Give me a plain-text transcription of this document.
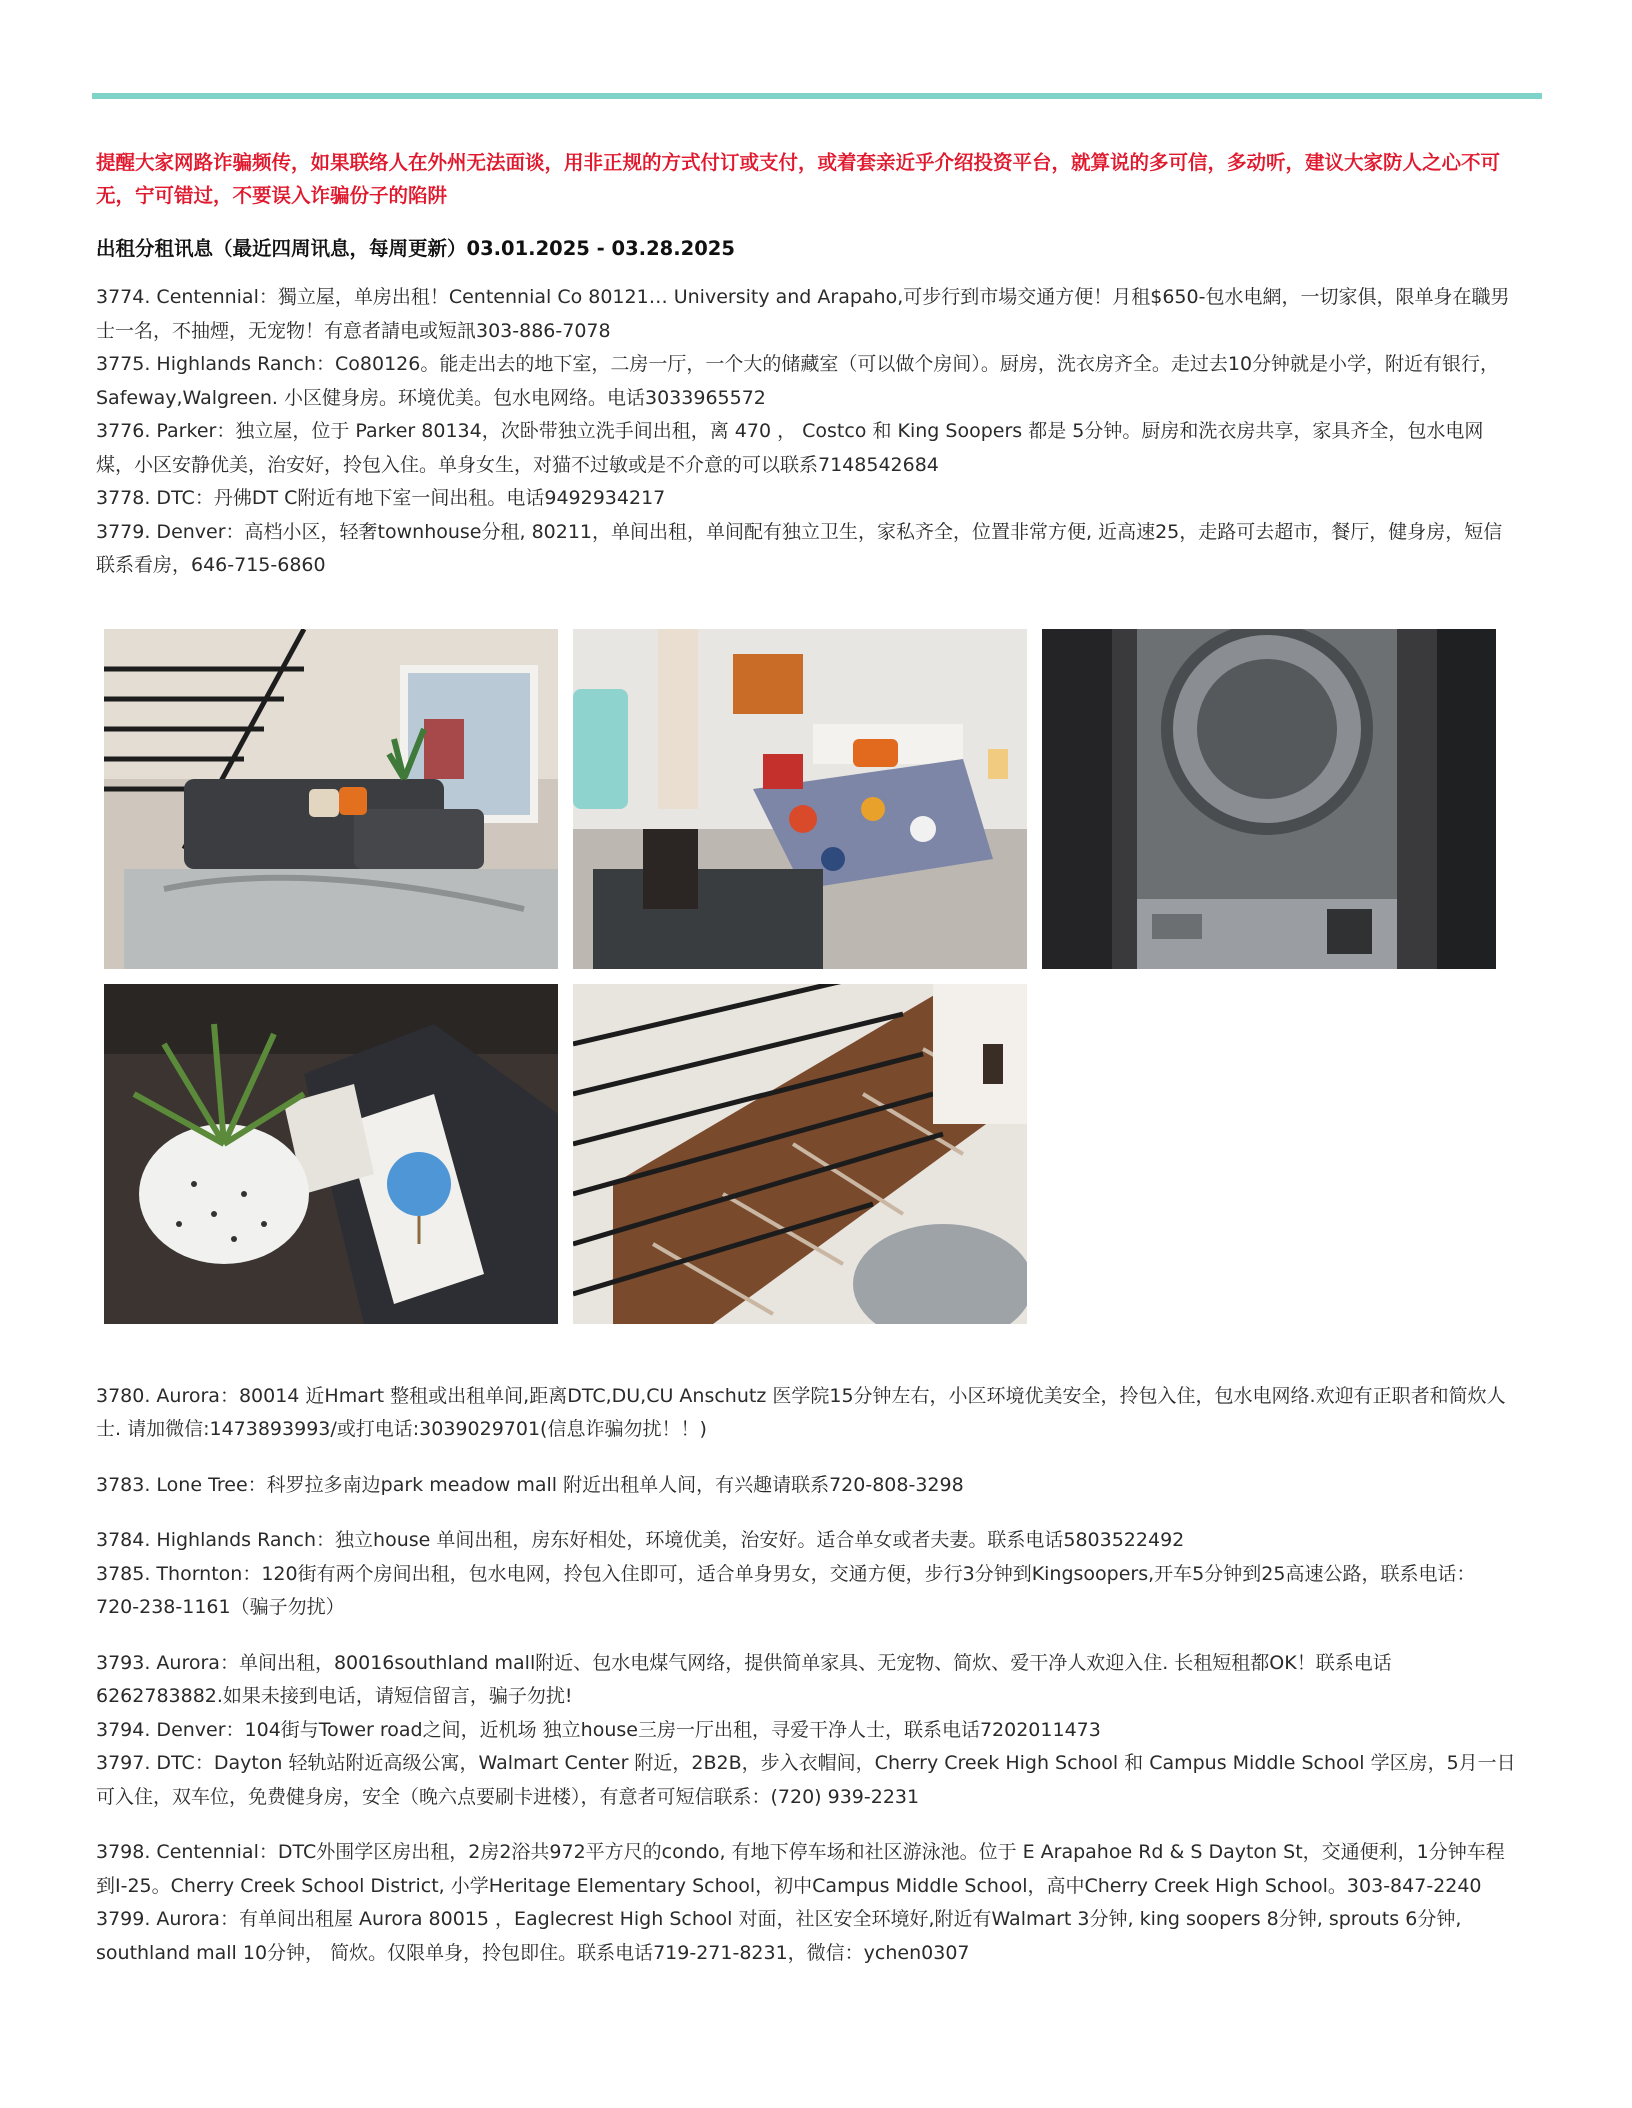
提醒大家网路诈骗频传，如果联络人在外州无法面谈，用非正规的方式付订或支付，或着套亲近乎介绍投资平台，就算说的多可信，多动听，建议大家防人之心不可无，宁可错过，不要误入诈骗份子的陷阱

出租分租讯息（最近四周讯息，每周更新）03.01.2025 - 03.28.2025

3774. Centennial：獨立屋，单房出租！Centennial Co 80121… University and Arapaho,可步行到市場交通方便！月租$650-包水电網，一切家俱，限单身在職男士一名，不抽煙，无宠物！有意者請电或短訊303-886-7078
3775. Highlands Ranch：Co80126。能走出去的地下室，二房一厅，一个大的储藏室（可以做个房间）。厨房，洗衣房齐全。走过去10分钟就是小学，附近有银行，Safeway,Walgreen. 小区健身房。环境优美。包水电网络。电话3033965572
3776. Parker：独立屋，位于 Parker 80134，次卧带独立洗手间出租，离 470 ， Costco 和 King Soopers 都是 5分钟。厨房和洗衣房共享，家具齐全，包水电网煤，小区安静优美，治安好，拎包入住。单身女生，对猫不过敏或是不介意的可以联系7148542684
3778. DTC：丹佛DT C附近有地下室一间出租。电话9492934217
3779. Denver：高档小区，轻奢townhouse分租, 80211，单间出租，单间配有独立卫生，家私齐全，位置非常方便, 近高速25，走路可去超市，餐厅，健身房，短信联系看房，646-715-6860
3780. Aurora：80014 近Hmart 整租或出租单间,距离DTC,DU,CU Anschutz 医学院15分钟左右，小区环境优美安全，拎包入住，包水电网络.欢迎有正职者和简炊人士. 请加微信:1473893993/或打电话:3039029701(信息诈骗勿扰！！)
3783. Lone Tree：科罗拉多南边park meadow mall 附近出租单人间，有兴趣请联系720-808-3298
3784. Highlands Ranch：独立house 单间出租，房东好相处，环境优美，治安好。适合单女或者夫妻。联系电话5803522492
3785. Thornton：120街有两个房间出租，包水电网，拎包入住即可，适合单身男女，交通方便，步行3分钟到Kingsoopers,开车5分钟到25高速公路，联系电话：720-238-1161（骗子勿扰）
3793. Aurora：单间出租，80016southland mall附近、包水电煤气网络，提供简单家具、无宠物、简炊、爱干净人欢迎入住. 长租短租都OK！联系电话6262783882.如果未接到电话，请短信留言，骗子勿扰!
3794. Denver：104街与Tower road之间，近机场 独立house三房一厅出租，寻爱干净人士，联系电话7202011473
3797. DTC：Dayton 轻轨站附近高级公寓，Walmart Center 附近，2B2B，步入衣帽间，Cherry Creek High School 和 Campus Middle School 学区房，5月一日可入住，双车位，免费健身房，安全（晚六点要刷卡进楼），有意者可短信联系：(720) 939-2231
3798. Centennial：DTC外围学区房出租，2房2浴共972平方尺的condo, 有地下停车场和社区游泳池。位于 E Arapahoe Rd & S Dayton St，交通便利，1分钟车程到I-25。Cherry Creek School District, 小学Heritage Elementary School，初中Campus Middle School，高中Cherry Creek High School。303-847-2240
3799. Aurora：有单间出租屋 Aurora 80015 ，Eaglecrest High School 对面，社区安全环境好,附近有Walmart 3分钟, king soopers 8分钟, sprouts 6分钟, southland mall 10分钟， 简炊。仅限单身，拎包即住。联系电话719-271-8231，微信：ychen0307
